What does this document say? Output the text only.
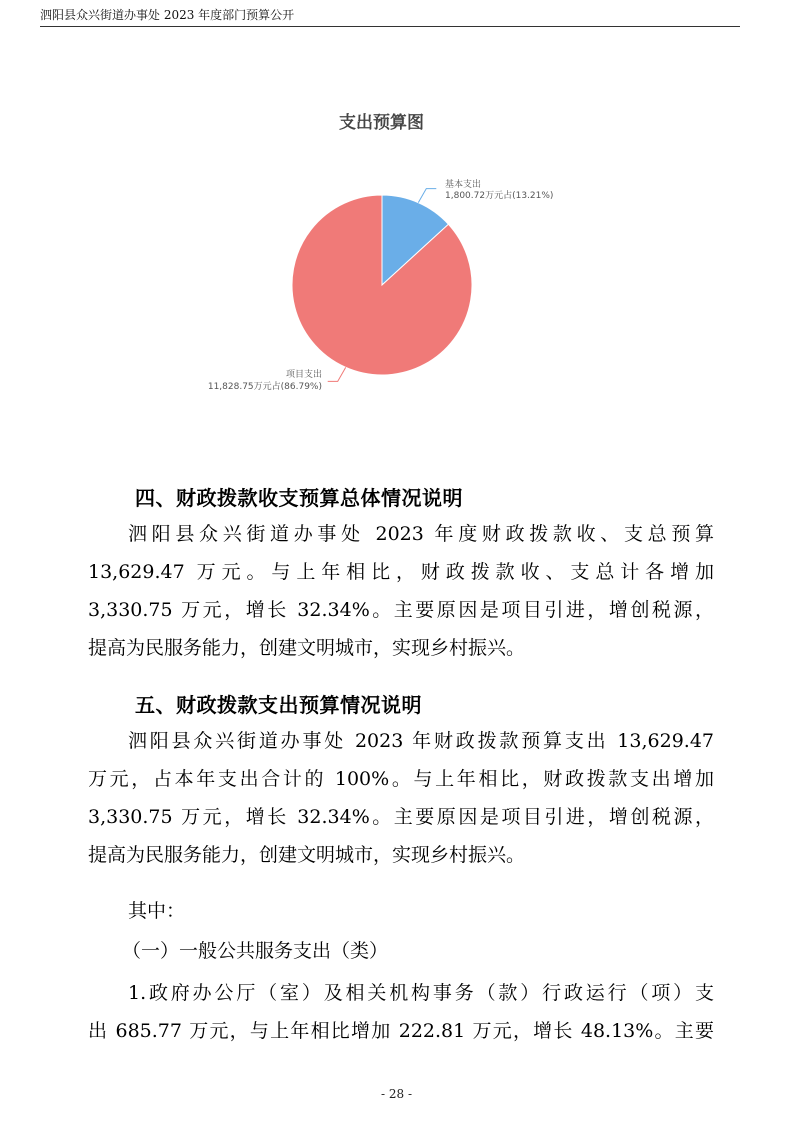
泗阳县众兴街道办事处 2023 年度部门预算公开
支出预算图
基本支出
1,800.72万元占(13.21%)
项目支出
11,828.75万元占(86.79%)
四、财政拨款收支预算总体情况说明
泗阳县众兴街道办事处 2023 年度财政拨款收、支总预算
13,629.47 万元。与上年相比，财政拨款收、支总计各增加
3,330.75 万元，增长 32.34%。主要原因是项目引进，增创税源，
提高为民服务能力，创建文明城市，实现乡村振兴。
五、财政拨款支出预算情况说明
泗阳县众兴街道办事处 2023 年财政拨款预算支出 13,629.47
万元，占本年支出合计的 100%。与上年相比，财政拨款支出增加
3,330.75 万元，增长 32.34%。主要原因是项目引进，增创税源，
提高为民服务能力，创建文明城市，实现乡村振兴。
其中：
（一）一般公共服务支出（类）
1.政府办公厅（室）及相关机构事务（款）行政运行（项）支
出 685.77 万元，与上年相比增加 222.81 万元，增长 48.13%。主要
- 28 -
